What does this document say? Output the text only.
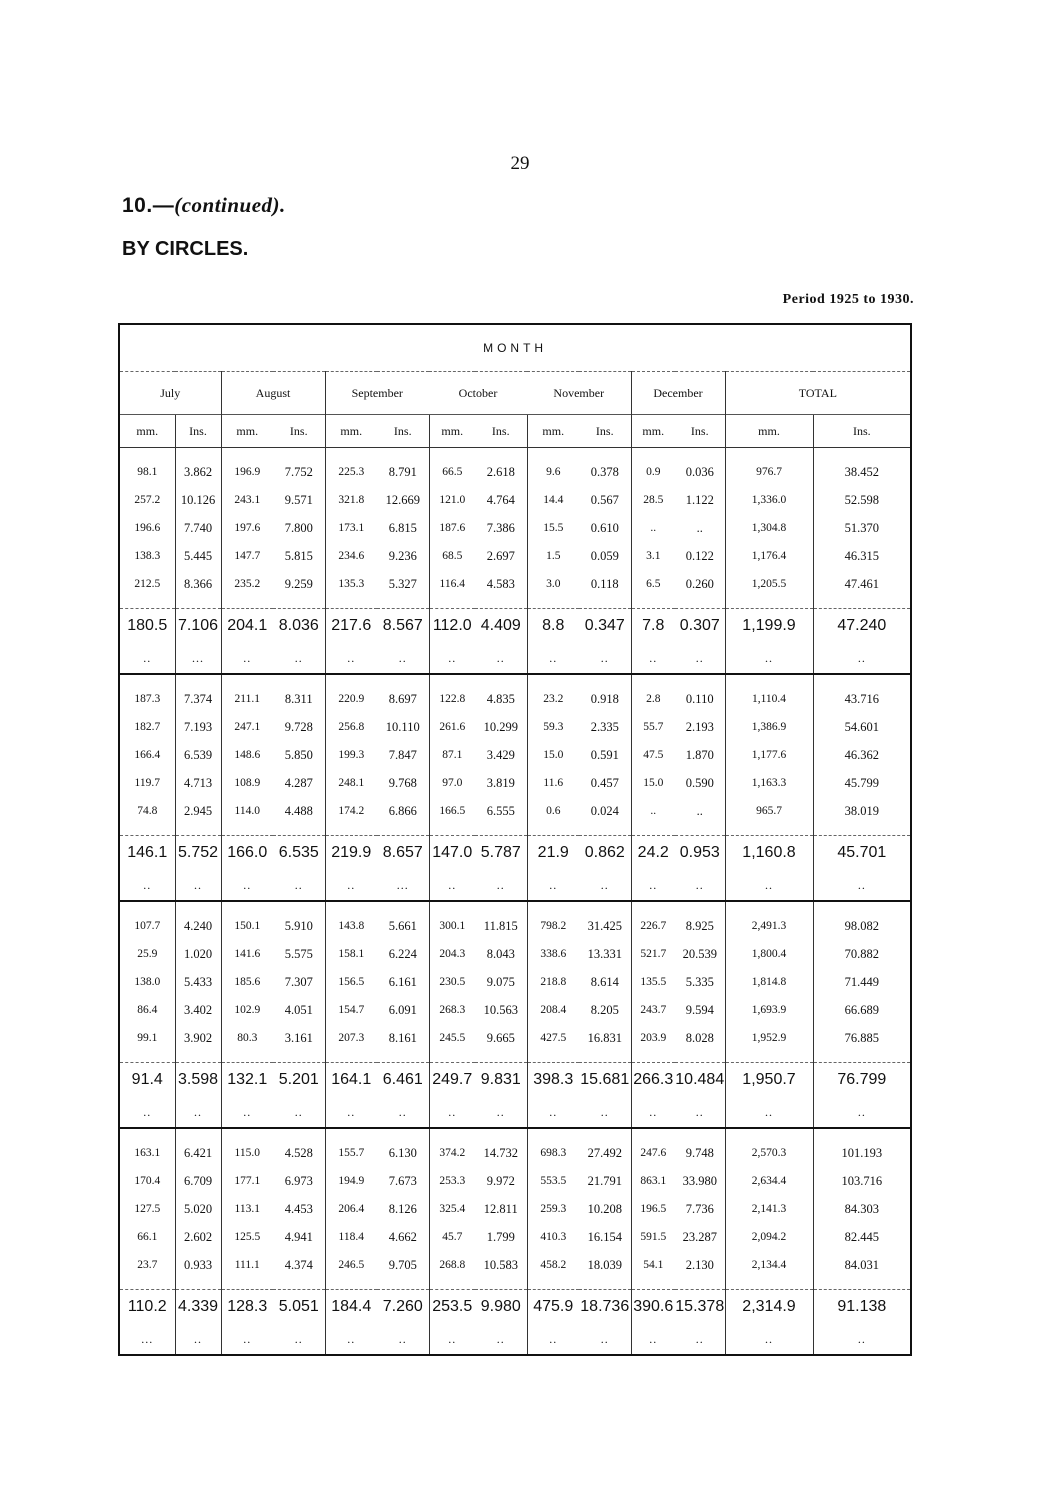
29
10.—(continued).
BY CIRCLES.
Period 1925 to 1930.
MONTH													
July		August		September		October		November		December		TOTAL	
mm.	Ins.	mm.	Ins.	mm.	Ins.	mm.	Ins.	mm.	Ins.	mm.	Ins.	mm.	Ins.

98.1	3.862	196.9	7.752	225.3	8.791	66.5	2.618	9.6	0.378	0.9	0.036	976.7	38.452
257.2	10.126	243.1	9.571	321.8	12.669	121.0	4.764	14.4	0.567	28.5	1.122	1,336.0	52.598
196.6	7.740	197.6	7.800	173.1	6.815	187.6	7.386	15.5	0.610	..	..	1,304.8	51.370
138.3	5.445	147.7	5.815	234.6	9.236	68.5	2.697	1.5	0.059	3.1	0.122	1,176.4	46.315
212.5	8.366	235.2	9.259	135.3	5.327	116.4	4.583	3.0	0.118	6.5	0.260	1,205.5	47.461

180.5	7.106	204.1	8.036	217.6	8.567	112.0	4.409	8.8	0.347	7.8	0.307	1,199.9	47.240
..	...	..	..	..	..	..	..	..	..	..	..	..	..

187.3	7.374	211.1	8.311	220.9	8.697	122.8	4.835	23.2	0.918	2.8	0.110	1,110.4	43.716
182.7	7.193	247.1	9.728	256.8	10.110	261.6	10.299	59.3	2.335	55.7	2.193	1,386.9	54.601
166.4	6.539	148.6	5.850	199.3	7.847	87.1	3.429	15.0	0.591	47.5	1.870	1,177.6	46.362
119.7	4.713	108.9	4.287	248.1	9.768	97.0	3.819	11.6	0.457	15.0	0.590	1,163.3	45.799
74.8	2.945	114.0	4.488	174.2	6.866	166.5	6.555	0.6	0.024	..	..	965.7	38.019

146.1	5.752	166.0	6.535	219.9	8.657	147.0	5.787	21.9	0.862	24.2	0.953	1,160.8	45.701
..	..	..	..	..	...	..	..	..	..	..	..	..	..

107.7	4.240	150.1	5.910	143.8	5.661	300.1	11.815	798.2	31.425	226.7	8.925	2,491.3	98.082
25.9	1.020	141.6	5.575	158.1	6.224	204.3	8.043	338.6	13.331	521.7	20.539	1,800.4	70.882
138.0	5.433	185.6	7.307	156.5	6.161	230.5	9.075	218.8	8.614	135.5	5.335	1,814.8	71.449
86.4	3.402	102.9	4.051	154.7	6.091	268.3	10.563	208.4	8.205	243.7	9.594	1,693.9	66.689
99.1	3.902	80.3	3.161	207.3	8.161	245.5	9.665	427.5	16.831	203.9	8.028	1,952.9	76.885

91.4	3.598	132.1	5.201	164.1	6.461	249.7	9.831	398.3	15.681	266.3	10.484	1,950.7	76.799
..	..	..	..	..	..	..	..	..	..	..	..	..	..

163.1	6.421	115.0	4.528	155.7	6.130	374.2	14.732	698.3	27.492	247.6	9.748	2,570.3	101.193
170.4	6.709	177.1	6.973	194.9	7.673	253.3	9.972	553.5	21.791	863.1	33.980	2,634.4	103.716
127.5	5.020	113.1	4.453	206.4	8.126	325.4	12.811	259.3	10.208	196.5	7.736	2,141.3	84.303
66.1	2.602	125.5	4.941	118.4	4.662	45.7	1.799	410.3	16.154	591.5	23.287	2,094.2	82.445
23.7	0.933	111.1	4.374	246.5	9.705	268.8	10.583	458.2	18.039	54.1	2.130	2,134.4	84.031

110.2	4.339	128.3	5.051	184.4	7.260	253.5	9.980	475.9	18.736	390.6	15.378	2,314.9	91.138
...	..	..	..	..	..	..	..	..	..	..	..	..	..
